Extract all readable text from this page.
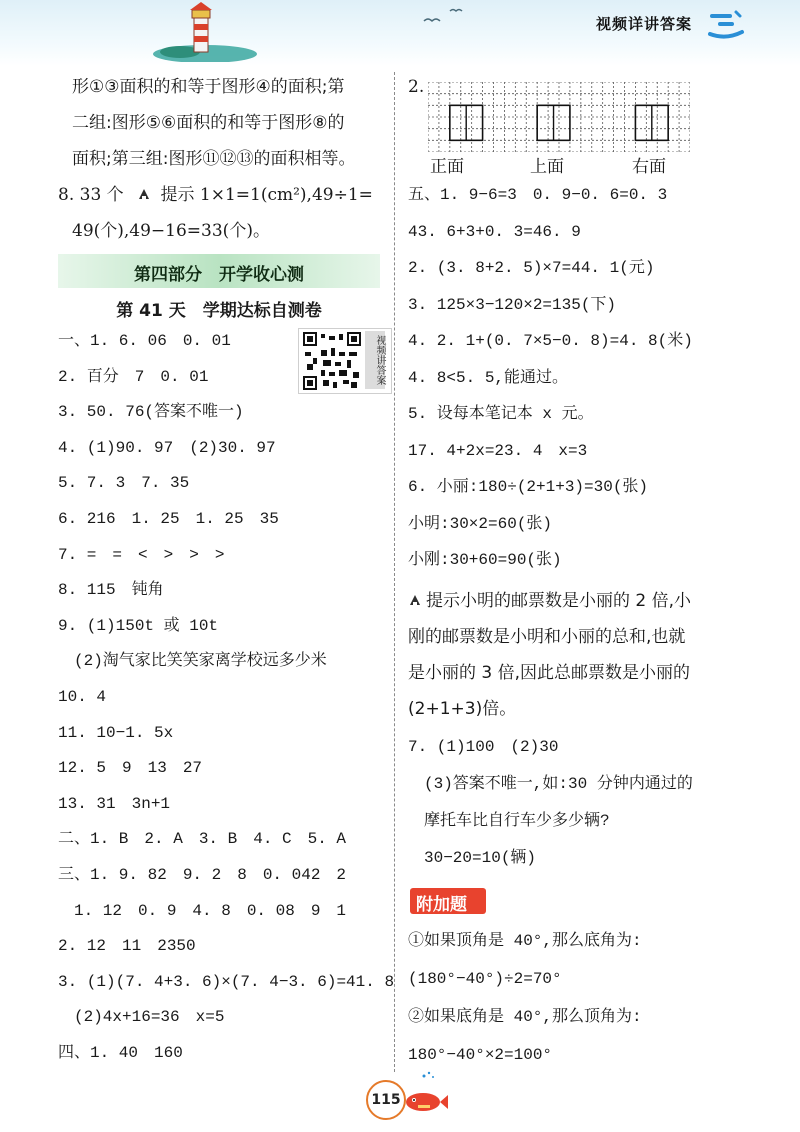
视频详讲答案
形①③面积的和等于图形④的面积;第
二组:图形⑤⑥面积的和等于图形⑧的
面积;第三组:图形⑪⑫⑬的面积相等。
8. 33 个 提示 1×1=1(cm²),49÷1=
49(个),49−16=33(个)。
第四部分　开学收心测
第 41 天　学期达标自测卷
视频讲答案
一、1. 6. 06　0. 01
2. 百分　7　0. 01
3. 50. 76(答案不唯一)
4. (1)90. 97　(2)30. 97
5. 7. 3　7. 35
6. 216　1. 25　1. 25　35
7. =　=　<　>　>　>
8. 115　钝角
9. (1)150t 或 10t
　(2)淘气家比笑笑家离学校远多少米
10. 4
11. 10−1. 5x
12. 5　9　13　27
13. 31　3n+1
二、1. B　2. A　3. B　4. C　5. A
三、1. 9. 82　9. 2　8　0. 042　2
　1. 12　0. 9　4. 8　0. 08　9　1
2. 12　11　2350
3. (1)(7. 4+3. 6)×(7. 4−3. 6)=41. 8
　(2)4x+16=36　x=5
四、1. 40　160
2.
正面	上面	右面
五、1. 9−6=3　0. 9−0. 6=0. 3
43. 6+3+0. 3=46. 9
2. (3. 8+2. 5)×7=44. 1(元)
3. 125×3−120×2=135(下)
4. 2. 1+(0. 7×5−0. 8)=4. 8(米)
4. 8<5. 5,能通过。
5. 设每本笔记本 x 元。
17. 4+2x=23. 4　x=3
6. 小丽:180÷(2+1+3)=30(张)
小明:30×2=60(张)
小刚:30+60=90(张)
提示小明的邮票数是小丽的 2 倍,小
刚的邮票数是小明和小丽的总和,也就
是小丽的 3 倍,因此总邮票数是小丽的
(2+1+3)倍。
7. (1)100　(2)30
　(3)答案不唯一,如:30 分钟内通过的
　摩托车比自行车少多少辆?
　30−20=10(辆)
附加题
①如果顶角是 40°,那么底角为:
(180°−40°)÷2=70°
②如果底角是 40°,那么顶角为:
180°−40°×2=100°
115
